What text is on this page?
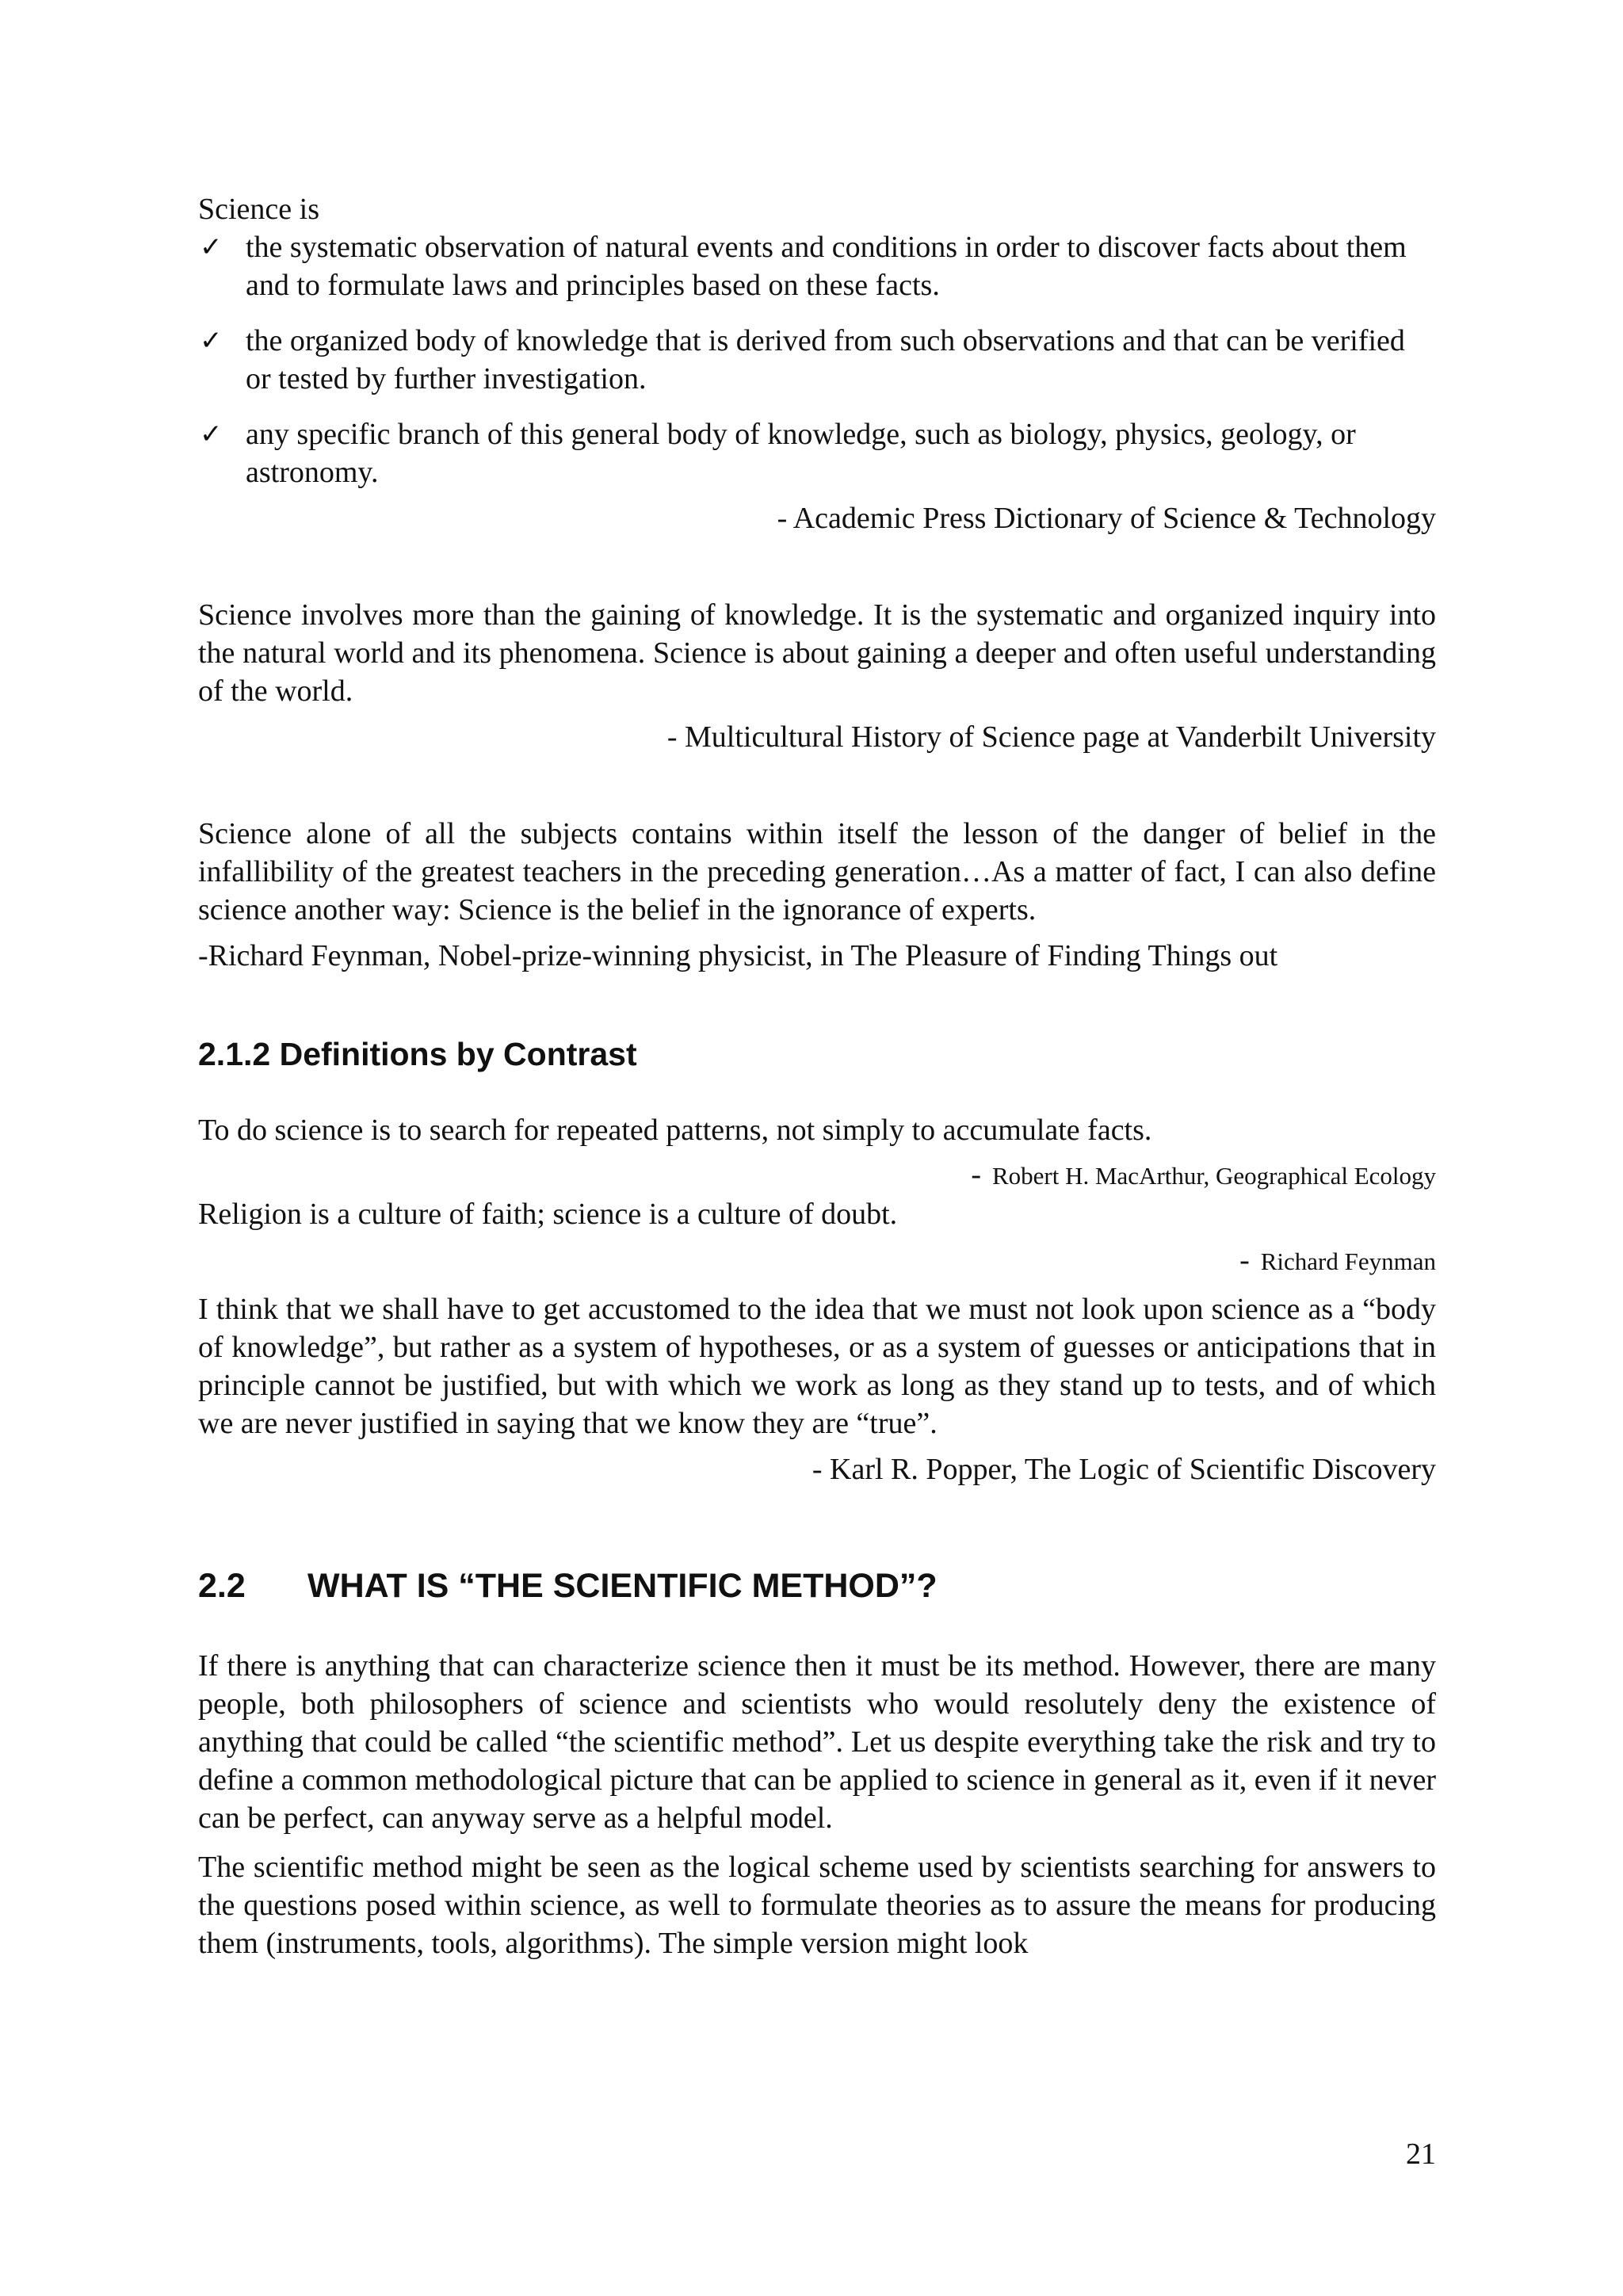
Science is

✓ the systematic observation of natural events and conditions in order to discover facts about them and to formulate laws and principles based on these facts.
✓ the organized body of knowledge that is derived from such observations and that can be verified or tested by further investigation.
✓ any specific branch of this general body of knowledge, such as biology, physics, geology, or astronomy.

- Academic Press Dictionary of Science & Technology

Science involves more than the gaining of knowledge. It is the systematic and organized inquiry into the natural world and its phenomena. Science is about gaining a deeper and often useful understanding of the world.

- Multicultural History of Science page at Vanderbilt University

Science alone of all the subjects contains within itself the lesson of the danger of belief in the infallibility of the greatest teachers in the preceding generation…As a matter of fact, I can also define science another way: Science is the belief in the ignorance of experts.

-Richard Feynman, Nobel-prize-winning physicist, in The Pleasure of Finding Things out

2.1.2 Definitions by Contrast

To do science is to search for repeated patterns, not simply to accumulate facts.

- Robert H. MacArthur, Geographical Ecology

Religion is a culture of faith; science is a culture of doubt.

- Richard Feynman

I think that we shall have to get accustomed to the idea that we must not look upon science as a “body of knowledge”, but rather as a system of hypotheses, or as a system of guesses or anticipations that in principle cannot be justified, but with which we work as long as they stand up to tests, and of which we are never justified in saying that we know they are “true”.

- Karl R. Popper, The Logic of Scientific Discovery

2.2 WHAT IS “THE SCIENTIFIC METHOD”?

If there is anything that can characterize science then it must be its method. However, there are many people, both philosophers of science and scientists who would resolutely deny the existence of anything that could be called “the scientific method”. Let us despite everything take the risk and try to define a common methodological picture that can be applied to science in general as it, even if it never can be perfect, can anyway serve as a helpful model.

The scientific method might be seen as the logical scheme used by scientists searching for answers to the questions posed within science, as well to formulate theories as to assure the means for producing them (instruments, tools, algorithms). The simple version might look

21
